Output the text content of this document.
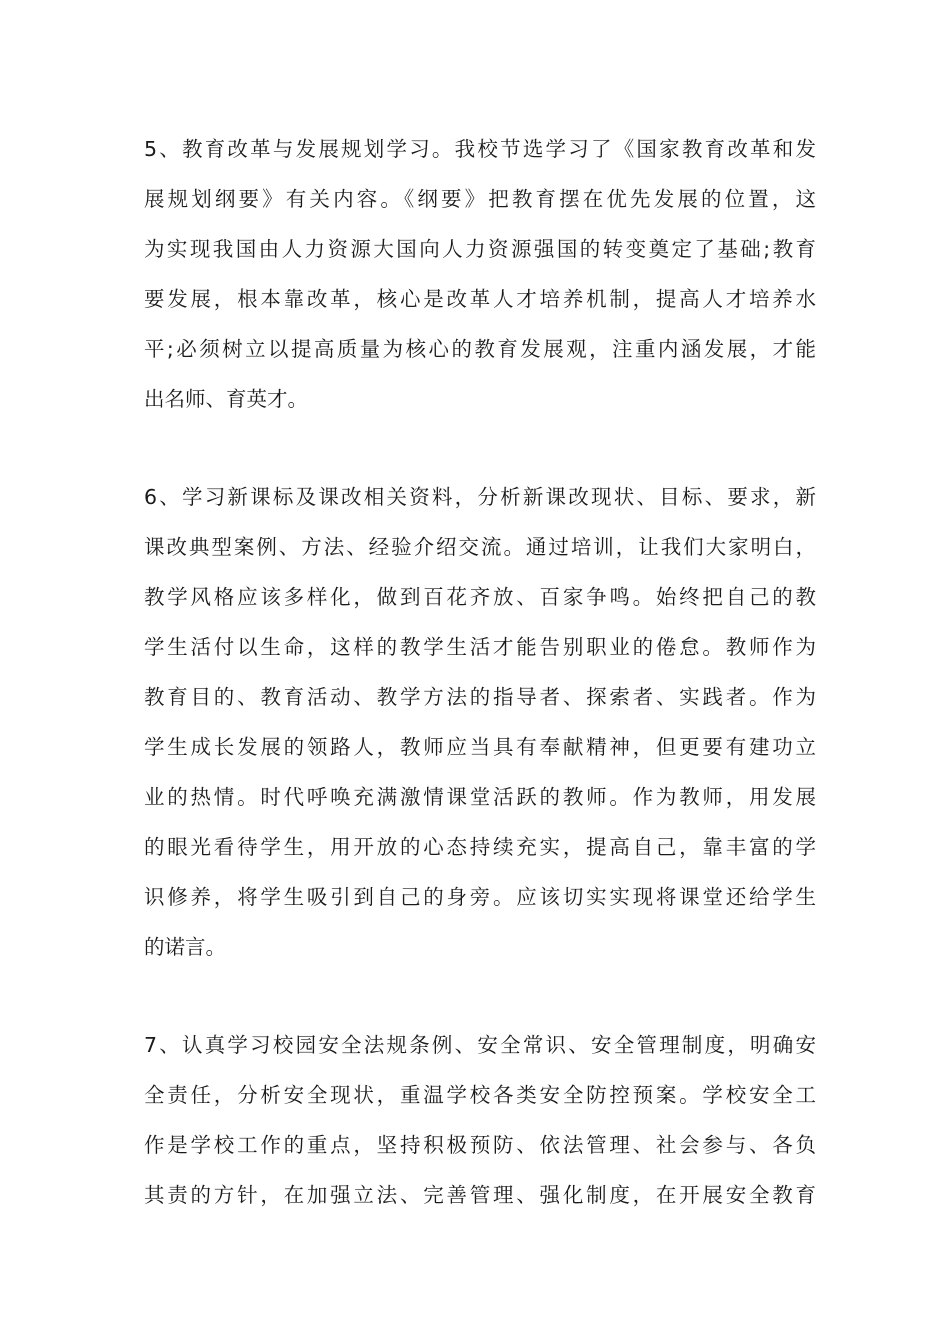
5、教育改革与发展规划学习。我校节选学习了《国家教育改革和发
展规划纲要》有关内容。《纲要》把教育摆在优先发展的位置，这
为实现我国由人力资源大国向人力资源强国的转变奠定了基础;教育
要发展，根本靠改革，核心是改革人才培养机制，提高人才培养水
平;必须树立以提高质量为核心的教育发展观，注重内涵发展，才能
出名师、育英才。
6、学习新课标及课改相关资料，分析新课改现状、目标、要求，新
课改典型案例、方法、经验介绍交流。通过培训，让我们大家明白，
教学风格应该多样化，做到百花齐放、百家争鸣。始终把自己的教
学生活付以生命，这样的教学生活才能告别职业的倦怠。教师作为
教育目的、教育活动、教学方法的指导者、探索者、实践者。作为
学生成长发展的领路人，教师应当具有奉献精神，但更要有建功立
业的热情。时代呼唤充满激情课堂活跃的教师。作为教师，用发展
的眼光看待学生，用开放的心态持续充实，提高自己，靠丰富的学
识修养，将学生吸引到自己的身旁。应该切实实现将课堂还给学生
的诺言。
7、认真学习校园安全法规条例、安全常识、安全管理制度，明确安
全责任，分析安全现状，重温学校各类安全防控预案。学校安全工
作是学校工作的重点，坚持积极预防、依法管理、社会参与、各负
其责的方针，在加强立法、完善管理、强化制度，在开展安全教育
